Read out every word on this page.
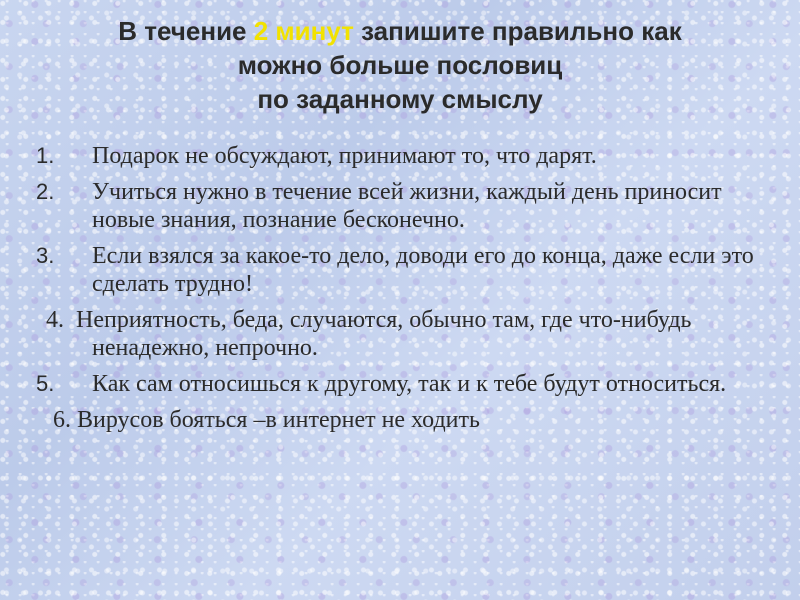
В течение 2 минут запишите правильно как
можно больше пословиц
по заданному смыслу
1.	Подарок не обсуждают, принимают то, что дарят.
2.	Учиться нужно в течение всей жизни, каждый день приносит новые знания, познание бесконечно.
3.	Если взялся за какое-то дело, доводи его до конца, даже если это сделать трудно!
4. Неприятность, беда, случаются, обычно там, где что-нибудь ненадежно, непрочно.
5.	Как сам относишься к другому, так и к тебе будут относиться.
6. Вирусов бояться –в интернет не ходить
